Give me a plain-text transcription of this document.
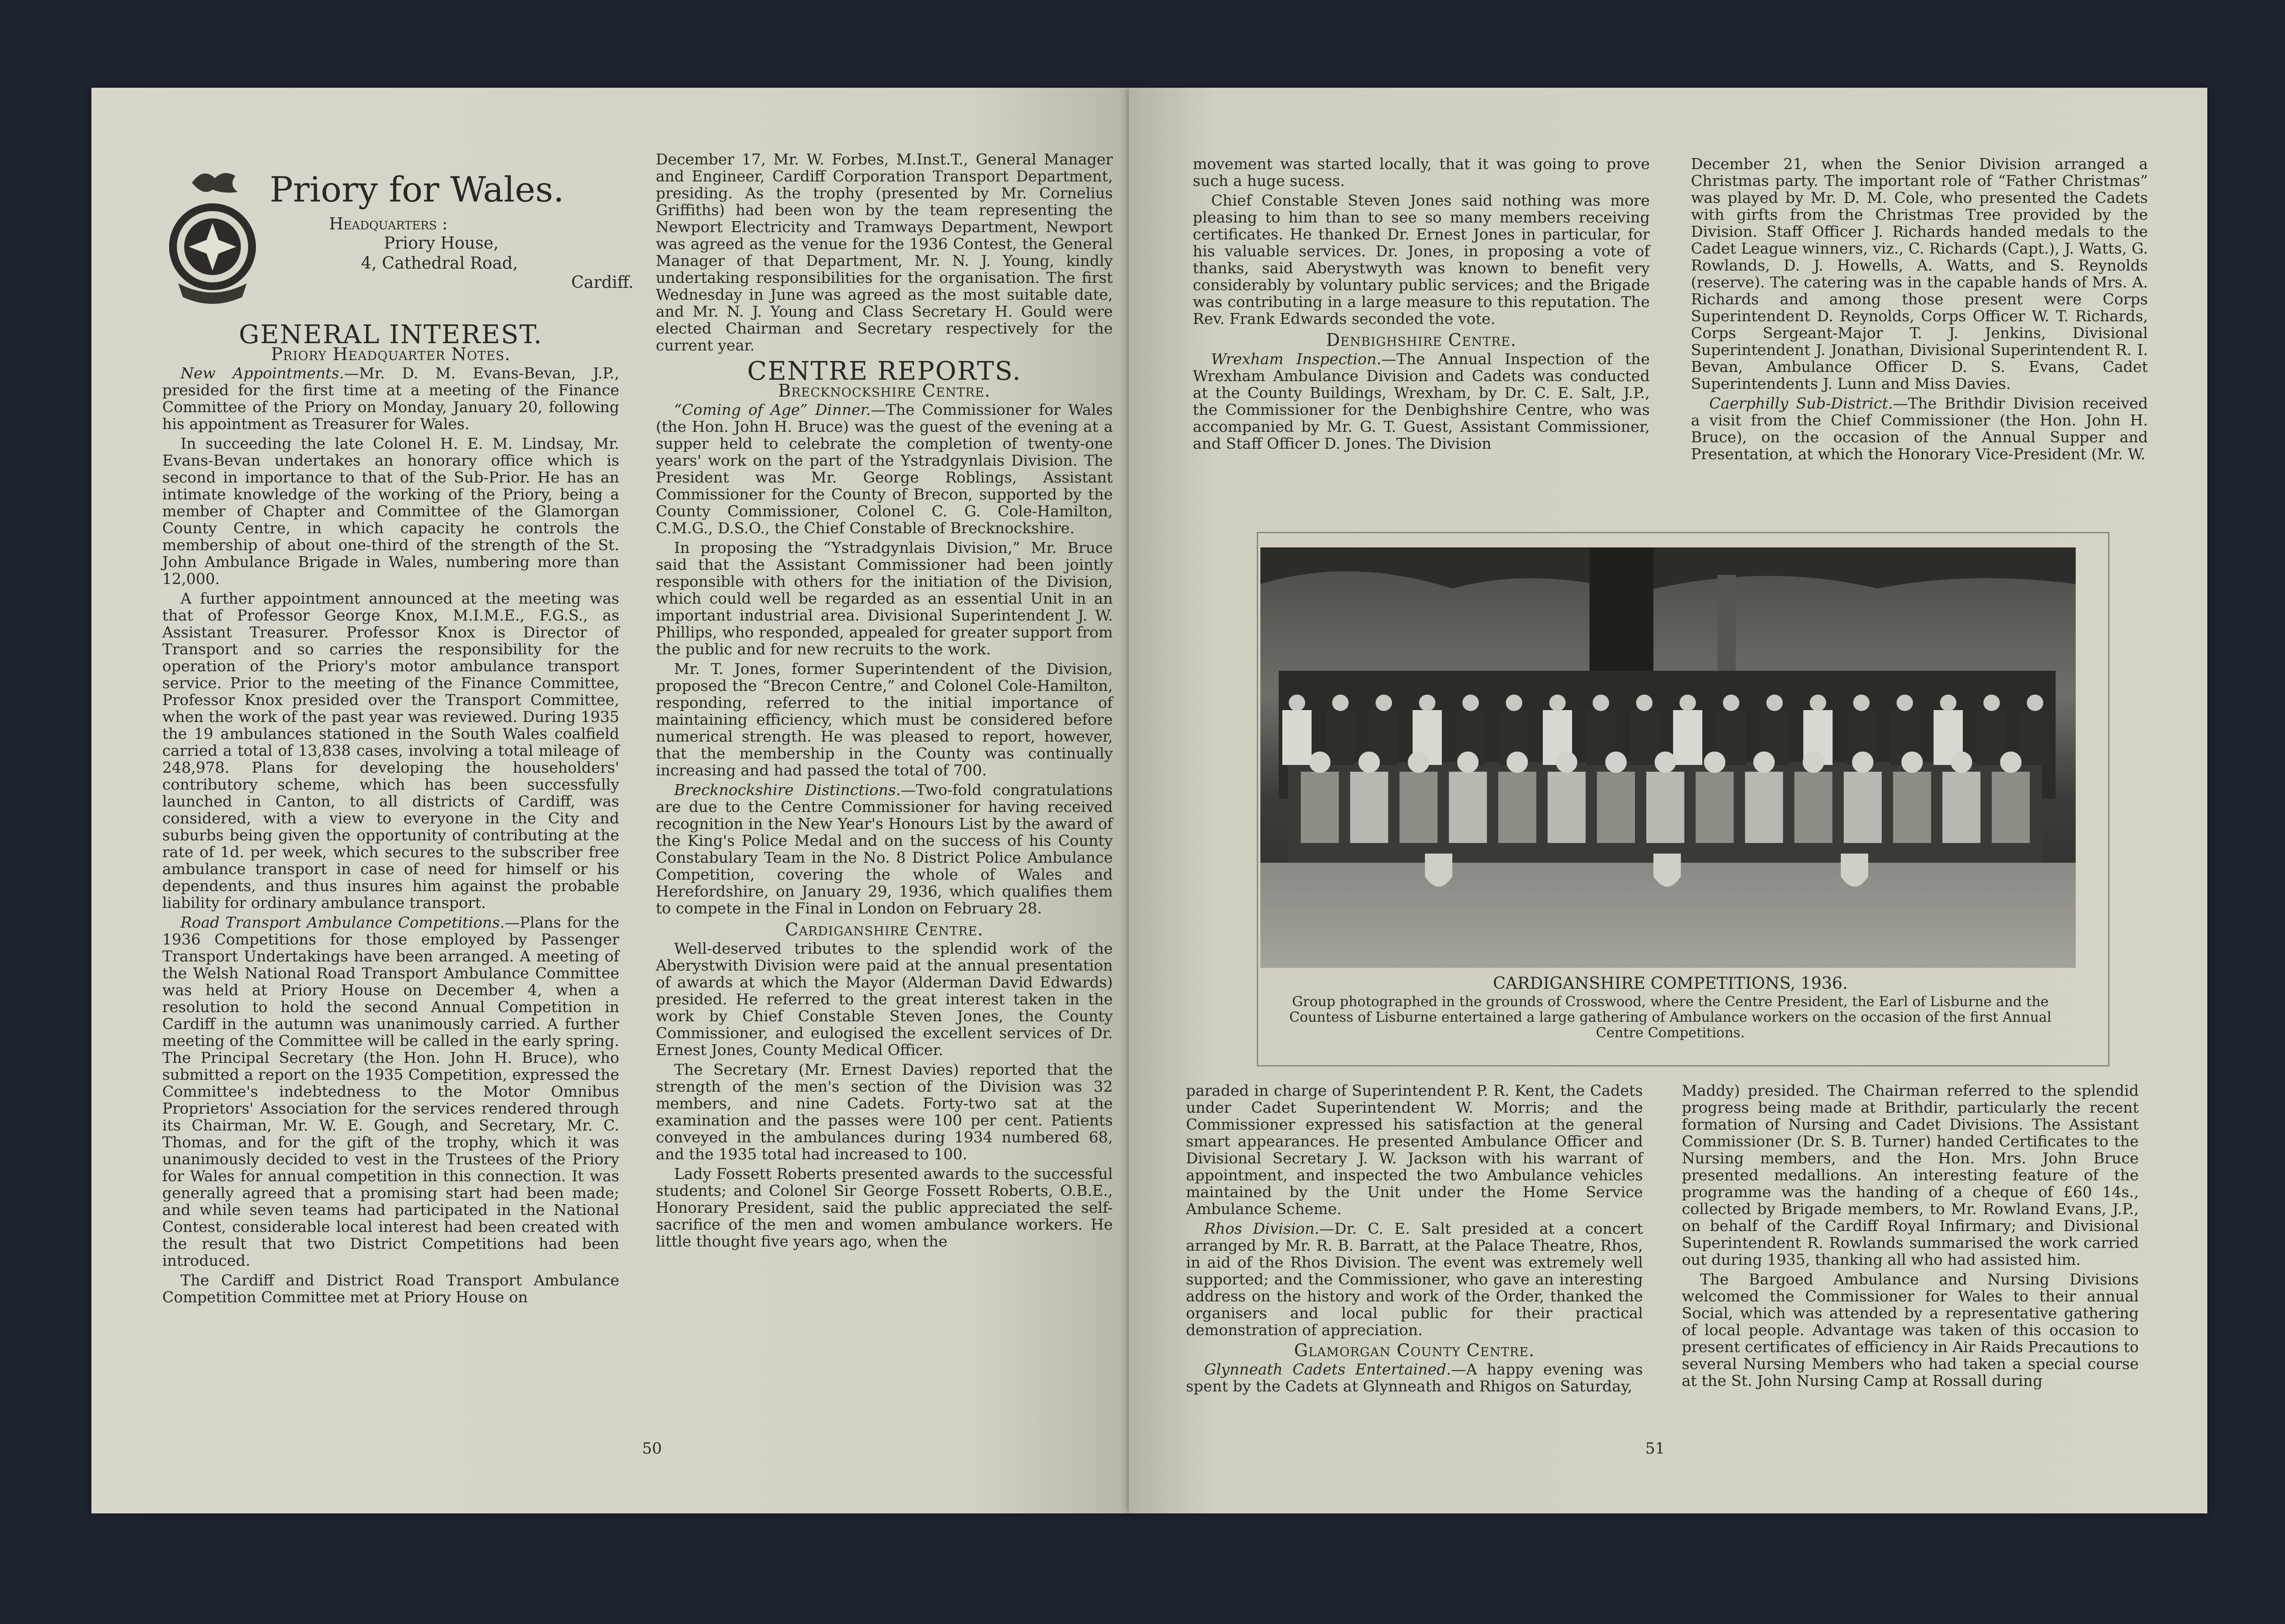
Priory for Wales.
Headquarters :
Priory House,
4, Cathedral Road,
Cardiff.
GENERAL INTEREST.
Priory Headquarter Notes.

New Appointments.—Mr. D. M. Evans-Bevan, J.P., presided for the first time at a meeting of the Finance Committee of the Priory on Monday, January 20, following his appointment as Treasurer for Wales.

In succeeding the late Colonel H. E. M. Lindsay, Mr. Evans-Bevan undertakes an honorary office which is second in importance to that of the Sub-Prior. He has an intimate knowledge of the working of the Priory, being a member of Chapter and Committee of the Glamorgan County Centre, in which capacity he controls the membership of about one-third of the strength of the St. John Ambulance Brigade in Wales, numbering more than 12,000.

A further appointment announced at the meeting was that of Professor George Knox, M.I.M.E., F.G.S., as Assistant Treasurer. Professor Knox is Director of Transport and so carries the responsibility for the operation of the Priory's motor ambulance transport service. Prior to the meeting of the Finance Committee, Professor Knox presided over the Transport Committee, when the work of the past year was reviewed. During 1935 the 19 ambulances stationed in the South Wales coalfield carried a total of 13,838 cases, involving a total mileage of 248,978. Plans for developing the householders' contributory scheme, which has been successfully launched in Canton, to all districts of Cardiff, was considered, with a view to everyone in the City and suburbs being given the opportunity of contributing at the rate of 1d. per week, which secures to the subscriber free ambulance transport in case of need for himself or his dependents, and thus insures him against the probable liability for ordinary ambulance transport.

Road Transport Ambulance Competitions.—Plans for the 1936 Competitions for those employed by Passenger Transport Undertakings have been arranged. A meeting of the Welsh National Road Transport Ambulance Committee was held at Priory House on December 4, when a resolution to hold the second Annual Competition in Cardiff in the autumn was unanimously carried. A further meeting of the Committee will be called in the early spring. The Principal Secretary (the Hon. John H. Bruce), who submitted a report on the 1935 Competition, expressed the Committee's indebtedness to the Motor Omnibus Proprietors' Association for the services rendered through its Chairman, Mr. W. E. Gough, and Secretary, Mr. C. Thomas, and for the gift of the trophy, which it was unanimously decided to vest in the Trustees of the Priory for Wales for annual competition in this connection. It was generally agreed that a promising start had been made; and while seven teams had participated in the National Contest, considerable local interest had been created with the result that two District Competitions had been introduced.

The Cardiff and District Road Transport Ambulance Competition Committee met at Priory House on

December 17, Mr. W. Forbes, M.Inst.T., General Manager and Engineer, Cardiff Corporation Transport Department, presiding. As the trophy (presented by Mr. Cornelius Griffiths) had been won by the team representing the Newport Electricity and Tramways Department, Newport was agreed as the venue for the 1936 Contest, the General Manager of that Department, Mr. N. J. Young, kindly undertaking responsibilities for the organisation. The first Wednesday in June was agreed as the most suitable date, and Mr. N. J. Young and Class Secretary H. Gould were elected Chairman and Secretary respectively for the current year.

CENTRE REPORTS.
Brecknockshire Centre.

“Coming of Age” Dinner.—The Commissioner for Wales (the Hon. John H. Bruce) was the guest of the evening at a supper held to celebrate the completion of twenty-one years' work on the part of the Ystradgynlais Division. The President was Mr. George Roblings, Assistant Commissioner for the County of Brecon, supported by the County Commissioner, Colonel C. G. Cole-Hamilton, C.M.G., D.S.O., the Chief Constable of Brecknockshire.

In proposing the “Ystradgynlais Division,” Mr. Bruce said that the Assistant Commissioner had been jointly responsible with others for the initiation of the Division, which could well be regarded as an essential Unit in an important industrial area. Divisional Superintendent J. W. Phillips, who responded, appealed for greater support from the public and for new recruits to the work.

Mr. T. Jones, former Superintendent of the Division, proposed the “Brecon Centre,” and Colonel Cole-Hamilton, responding, referred to the initial importance of maintaining efficiency, which must be considered before numerical strength. He was pleased to report, however, that the membership in the County was continually increasing and had passed the total of 700.

Brecknockshire Distinctions.—Two-fold congratulations are due to the Centre Commissioner for having received recognition in the New Year's Honours List by the award of the King's Police Medal and on the success of his County Constabulary Team in the No. 8 District Police Ambulance Competition, covering the whole of Wales and Herefordshire, on January 29, 1936, which qualifies them to compete in the Final in London on February 28.

Cardiganshire Centre.

Well-deserved tributes to the splendid work of the Aberystwith Division were paid at the annual presentation of awards at which the Mayor (Alderman David Edwards) presided. He referred to the great interest taken in the work by Chief Constable Steven Jones, the County Commissioner, and eulogised the excellent services of Dr. Ernest Jones, County Medical Officer.

The Secretary (Mr. Ernest Davies) reported that the strength of the men's section of the Division was 32 members, and nine Cadets. Forty-two sat at the examination and the passes were 100 per cent. Patients conveyed in the ambulances during 1934 numbered 68, and the 1935 total had increased to 100.

Lady Fossett Roberts presented awards to the successful students; and Colonel Sir George Fossett Roberts, O.B.E., Honorary President, said the public appreciated the self-sacrifice of the men and women ambulance workers. He little thought five years ago, when the

50

movement was started locally, that it was going to prove such a huge sucess.

Chief Constable Steven Jones said nothing was more pleasing to him than to see so many members receiving certificates. He thanked Dr. Ernest Jones in particular, for his valuable services. Dr. Jones, in proposing a vote of thanks, said Aberystwyth was known to benefit very considerably by voluntary public services; and the Brigade was contributing in a large measure to this reputation. The Rev. Frank Edwards seconded the vote.

Denbighshire Centre.

Wrexham Inspection.—The Annual Inspection of the Wrexham Ambulance Division and Cadets was conducted at the County Buildings, Wrexham, by Dr. C. E. Salt, J.P., the Commissioner for the Denbighshire Centre, who was accompanied by Mr. G. T. Guest, Assistant Commissioner, and Staff Officer D. Jones. The Division

December 21, when the Senior Division arranged a Christmas party. The important role of “Father Christmas” was played by Mr. D. M. Cole, who presented the Cadets with girfts from the Christmas Tree provided by the Division. Staff Officer J. Richards handed medals to the Cadet League winners, viz., C. Richards (Capt.), J. Watts, G. Rowlands, D. J. Howells, A. Watts, and S. Reynolds (reserve). The catering was in the capable hands of Mrs. A. Richards and among those present were Corps Superintendent D. Reynolds, Corps Officer W. T. Richards, Corps Sergeant-Major T. J. Jenkins, Divisional Superintendent J. Jonathan, Divisional Superintendent R. I. Bevan, Ambulance Officer D. S. Evans, Cadet Superintendents J. Lunn and Miss Davies.

Caerphilly Sub-District.—The Brithdir Division received a visit from the Chief Commissioner (the Hon. John H. Bruce), on the occasion of the Annual Supper and Presentation, at which the Honorary Vice-President (Mr. W.

CARDIGANSHIRE COMPETITIONS, 1936.
Group photographed in the grounds of Crosswood, where the Centre President, the Earl of Lisburne and the Countess of Lisburne entertained a large gathering of Ambulance workers on the occasion of the first Annual Centre Competitions.

paraded in charge of Superintendent P. R. Kent, the Cadets under Cadet Superintendent W. Morris; and the Commissioner expressed his satisfaction at the general smart appearances. He presented Ambulance Officer and Divisional Secretary J. W. Jackson with his warrant of appointment, and inspected the two Ambulance vehicles maintained by the Unit under the Home Service Ambulance Scheme.

Rhos Division.—Dr. C. E. Salt presided at a concert arranged by Mr. R. B. Barratt, at the Palace Theatre, Rhos, in aid of the Rhos Division. The event was extremely well supported; and the Commissioner, who gave an interesting address on the history and work of the Order, thanked the organisers and local public for their practical demonstration of appreciation.

Glamorgan County Centre.

Glynneath Cadets Entertained.—A happy evening was spent by the Cadets at Glynneath and Rhigos on Saturday,

Maddy) presided. The Chairman referred to the splendid progress being made at Brithdir, particularly the recent formation of Nursing and Cadet Divisions. The Assistant Commissioner (Dr. S. B. Turner) handed Certificates to the Nursing members, and the Hon. Mrs. John Bruce presented medallions. An interesting feature of the programme was the handing of a cheque of £60 14s., collected by Brigade members, to Mr. Rowland Evans, J.P., on behalf of the Cardiff Royal Infirmary; and Divisional Superintendent R. Rowlands summarised the work carried out during 1935, thanking all who had assisted him.

The Bargoed Ambulance and Nursing Divisions welcomed the Commissioner for Wales to their annual Social, which was attended by a representative gathering of local people. Advantage was taken of this occasion to present certificates of efficiency in Air Raids Precautions to several Nursing Members who had taken a special course at the St. John Nursing Camp at Rossall during

51
